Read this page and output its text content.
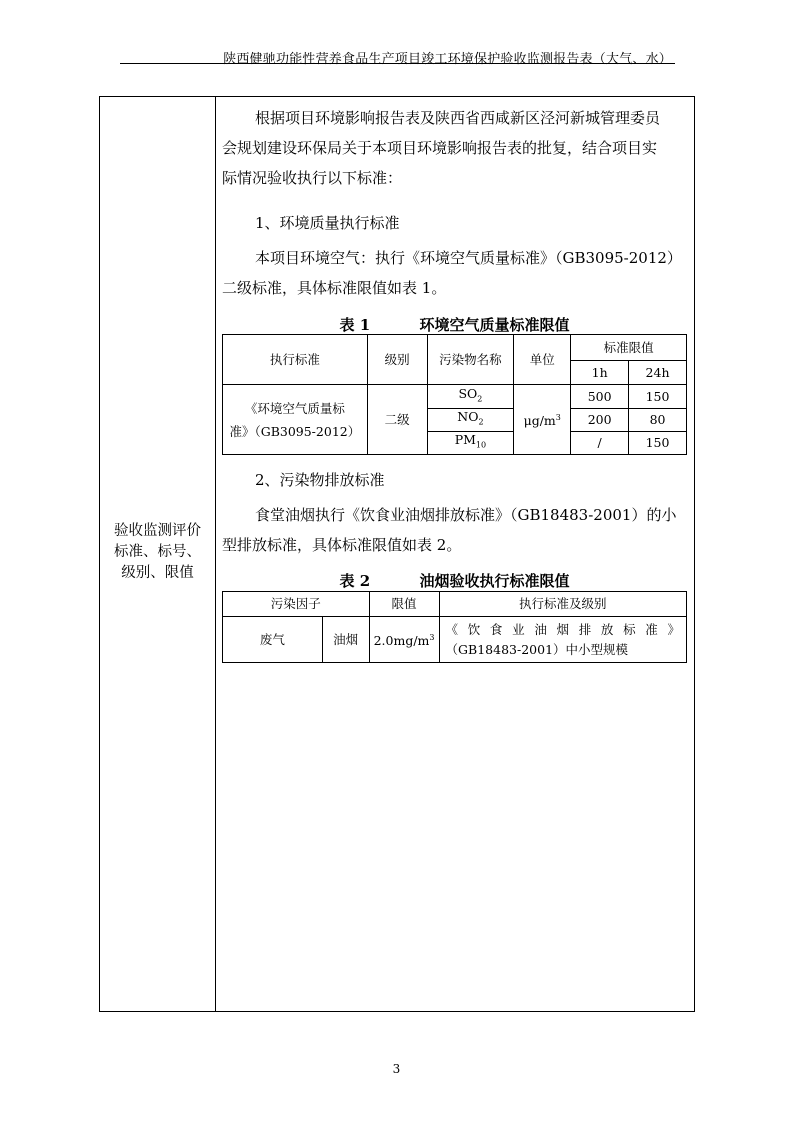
陕西健驰功能性营养食品生产项目竣工环境保护验收监测报告表（大气、水）
验收监测评价
标准、标号、
级别、限值
根据项目环境影响报告表及陕西省西咸新区泾河新城管理委员
会规划建设环保局关于本项目环境影响报告表的批复，结合项目实
际情况验收执行以下标准：
1、环境质量执行标准
本项目环境空气：执行《环境空气质量标准》（GB3095-2012）
二级标准，具体标准限值如表 1。
表 1	环境空气质量标准限值
执行标准	级别	污染物名称	单位	标准限值	
				1h	24h

《环境空气质量标
准》（GB3095-2012）	二级	$SO_2$	$\mu g/m^3$	500	150
		$NO_2$		200	80
		$PM_{10}$		/	150
2、污染物排放标准
食堂油烟执行《饮食业油烟排放标准》（GB18483-2001）的小
型排放标准，具体标准限值如表 2。
表 2	油烟验收执行标准限值
污染因子		限值	执行标准及级别
废气	油烟	$2.0mg/m^3$	《饮食业油烟排放标准》
（GB18483-2001）中小型规模
3
